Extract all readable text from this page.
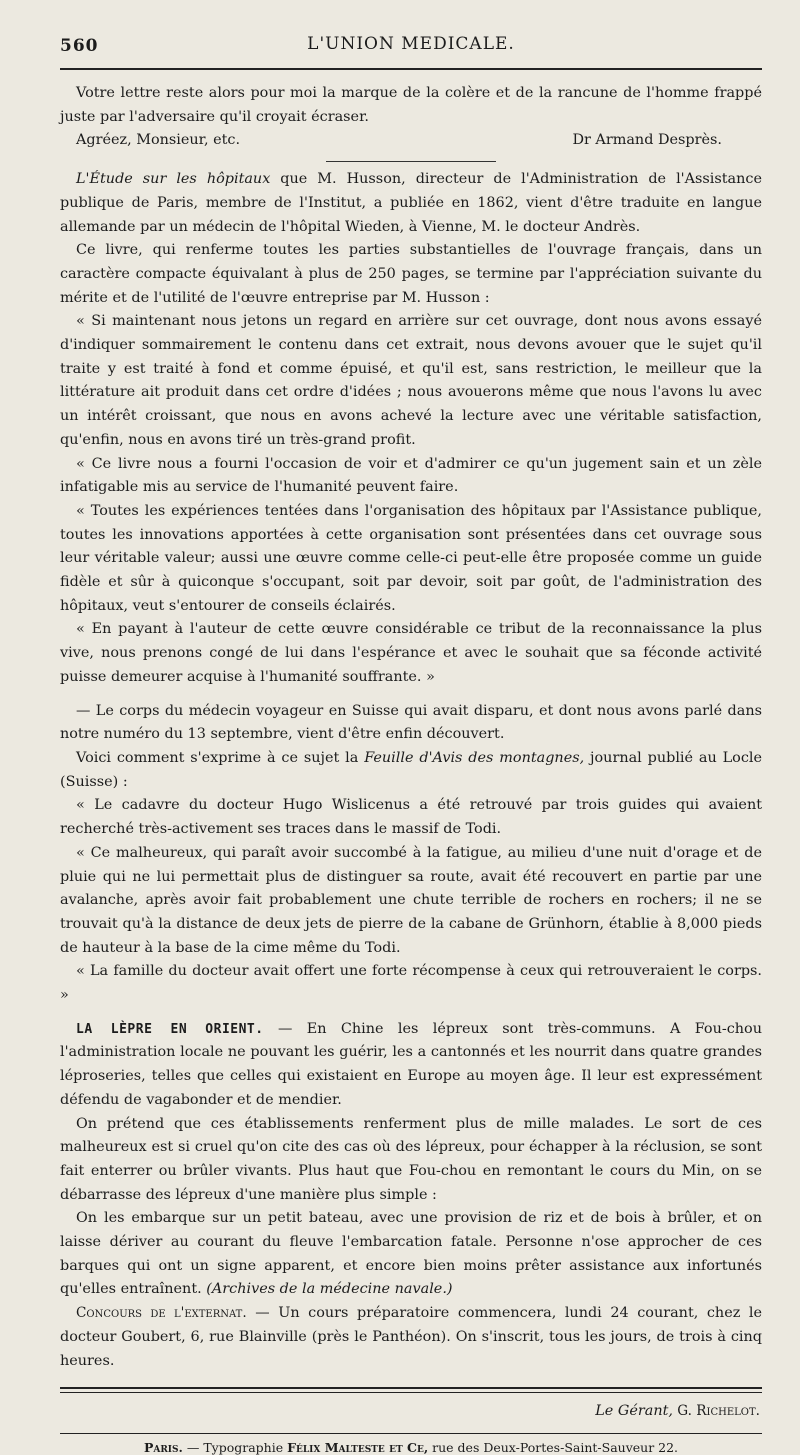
560	L'UNION MEDICALE.

Votre lettre reste alors pour moi la marque de la colère et de la rancune de l'homme frappé juste par l'adversaire qu'il croyait écraser.

Agréez, Monsieur, etc.	Dr Armand Desprès.

L'Étude sur les hôpitaux que M. Husson, directeur de l'Administration de l'Assistance publique de Paris, membre de l'Institut, a publiée en 1862, vient d'être traduite en langue allemande par un médecin de l'hôpital Wieden, à Vienne, M. le docteur Andrès.

Ce livre, qui renferme toutes les parties substantielles de l'ouvrage français, dans un caractère compacte équivalant à plus de 250 pages, se termine par l'appréciation suivante du mérite et de l'utilité de l'œuvre entreprise par M. Husson :

« Si maintenant nous jetons un regard en arrière sur cet ouvrage, dont nous avons essayé d'indiquer sommairement le contenu dans cet extrait, nous devons avouer que le sujet qu'il traite y est traité à fond et comme épuisé, et qu'il est, sans restriction, le meilleur que la littérature ait produit dans cet ordre d'idées ; nous avouerons même que nous l'avons lu avec un intérêt croissant, que nous en avons achevé la lecture avec une véritable satisfaction, qu'enfin, nous en avons tiré un très-grand profit.

« Ce livre nous a fourni l'occasion de voir et d'admirer ce qu'un jugement sain et un zèle infatigable mis au service de l'humanité peuvent faire.

« Toutes les expériences tentées dans l'organisation des hôpitaux par l'Assistance publique, toutes les innovations apportées à cette organisation sont présentées dans cet ouvrage sous leur véritable valeur; aussi une œuvre comme celle-ci peut-elle être proposée comme un guide fidèle et sûr à quiconque s'occupant, soit par devoir, soit par goût, de l'administration des hôpitaux, veut s'entourer de conseils éclairés.

« En payant à l'auteur de cette œuvre considérable ce tribut de la reconnaissance la plus vive, nous prenons congé de lui dans l'espérance et avec le souhait que sa féconde activité puisse demeurer acquise à l'humanité souffrante. »

— Le corps du médecin voyageur en Suisse qui avait disparu, et dont nous avons parlé dans notre numéro du 13 septembre, vient d'être enfin découvert.

Voici comment s'exprime à ce sujet la Feuille d'Avis des montagnes, journal publié au Locle (Suisse) :

« Le cadavre du docteur Hugo Wislicenus a été retrouvé par trois guides qui avaient recherché très-activement ses traces dans le massif de Todi.

« Ce malheureux, qui paraît avoir succombé à la fatigue, au milieu d'une nuit d'orage et de pluie qui ne lui permettait plus de distinguer sa route, avait été recouvert en partie par une avalanche, après avoir fait probablement une chute terrible de rochers en rochers; il ne se trouvait qu'à la distance de deux jets de pierre de la cabane de Grünhorn, établie à 8,000 pieds de hauteur à la base de la cime même du Todi.

« La famille du docteur avait offert une forte récompense à ceux qui retrouveraient le corps. »

LA LÈPRE EN ORIENT. — En Chine les lépreux sont très-communs. A Fou-chou l'administration locale ne pouvant les guérir, les a cantonnés et les nourrit dans quatre grandes léproseries, telles que celles qui existaient en Europe au moyen âge. Il leur est expressément défendu de vagabonder et de mendier.

On prétend que ces établissements renferment plus de mille malades. Le sort de ces malheureux est si cruel qu'on cite des cas où des lépreux, pour échapper à la réclusion, se sont fait enterrer ou brûler vivants. Plus haut que Fou-chou en remontant le cours du Min, on se débarrasse des lépreux d'une manière plus simple :

On les embarque sur un petit bateau, avec une provision de riz et de bois à brûler, et on laisse dériver au courant du fleuve l'embarcation fatale. Personne n'ose approcher de ces barques qui ont un signe apparent, et encore bien moins prêter assistance aux infortunés qu'elles entraînent. (Archives de la médecine navale.)

Concours de l'externat. — Un cours préparatoire commencera, lundi 24 courant, chez le docteur Goubert, 6, rue Blainville (près le Panthéon). On s'inscrit, tous les jours, de trois à cinq heures.

Le Gérant, G. Richelot.
Paris. — Typographie Félix Malteste et Ce, rue des Deux-Portes-Saint-Sauveur 22.
